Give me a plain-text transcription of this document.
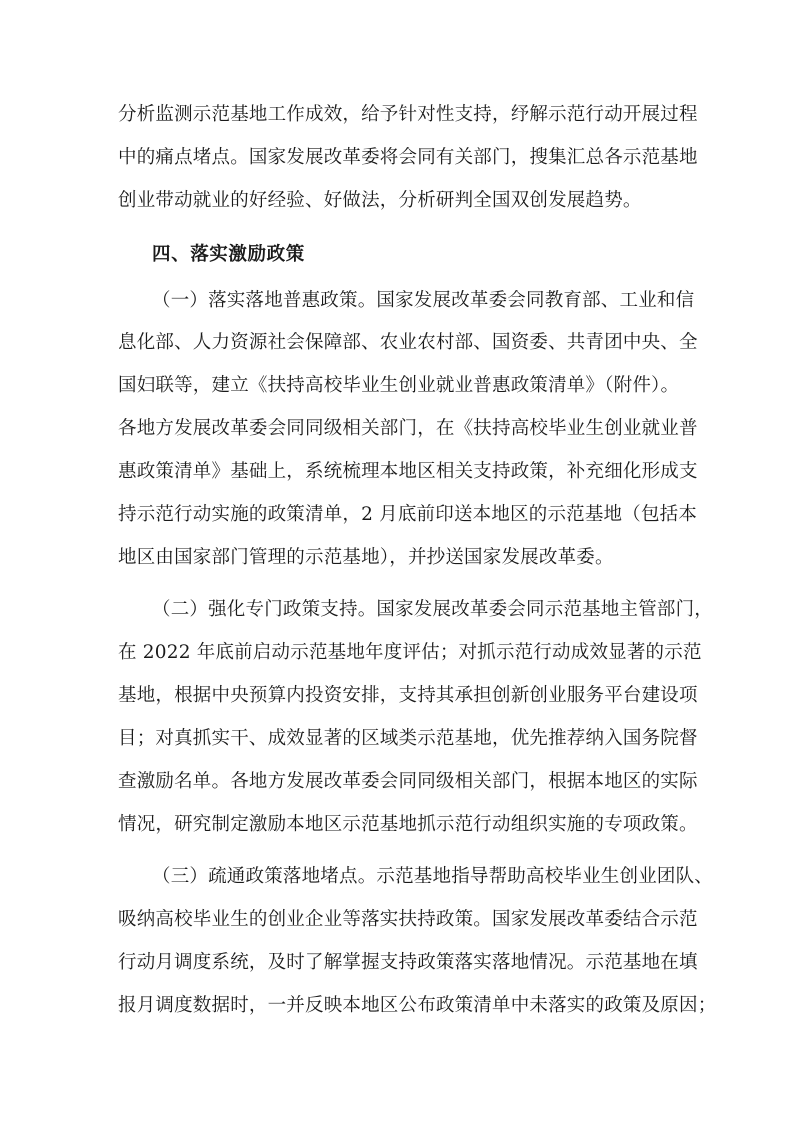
分析监测示范基地工作成效，给予针对性支持，纾解示范行动开展过程
中的痛点堵点。国家发展改革委将会同有关部门，搜集汇总各示范基地
创业带动就业的好经验、好做法，分析研判全国双创发展趋势。
四、落实激励政策
（一）落实落地普惠政策。国家发展改革委会同教育部、工业和信
息化部、人力资源社会保障部、农业农村部、国资委、共青团中央、全
国妇联等，建立《扶持高校毕业生创业就业普惠政策清单》（附件）。
各地方发展改革委会同同级相关部门，在《扶持高校毕业生创业就业普
惠政策清单》基础上，系统梳理本地区相关支持政策，补充细化形成支
持示范行动实施的政策清单，2 月底前印送本地区的示范基地（包括本
地区由国家部门管理的示范基地），并抄送国家发展改革委。
（二）强化专门政策支持。国家发展改革委会同示范基地主管部门，
在 2022 年底前启动示范基地年度评估；对抓示范行动成效显著的示范
基地，根据中央预算内投资安排，支持其承担创新创业服务平台建设项
目；对真抓实干、成效显著的区域类示范基地，优先推荐纳入国务院督
查激励名单。各地方发展改革委会同同级相关部门，根据本地区的实际
情况，研究制定激励本地区示范基地抓示范行动组织实施的专项政策。
（三）疏通政策落地堵点。示范基地指导帮助高校毕业生创业团队、
吸纳高校毕业生的创业企业等落实扶持政策。国家发展改革委结合示范
行动月调度系统，及时了解掌握支持政策落实落地情况。示范基地在填
报月调度数据时，一并反映本地区公布政策清单中未落实的政策及原因；
